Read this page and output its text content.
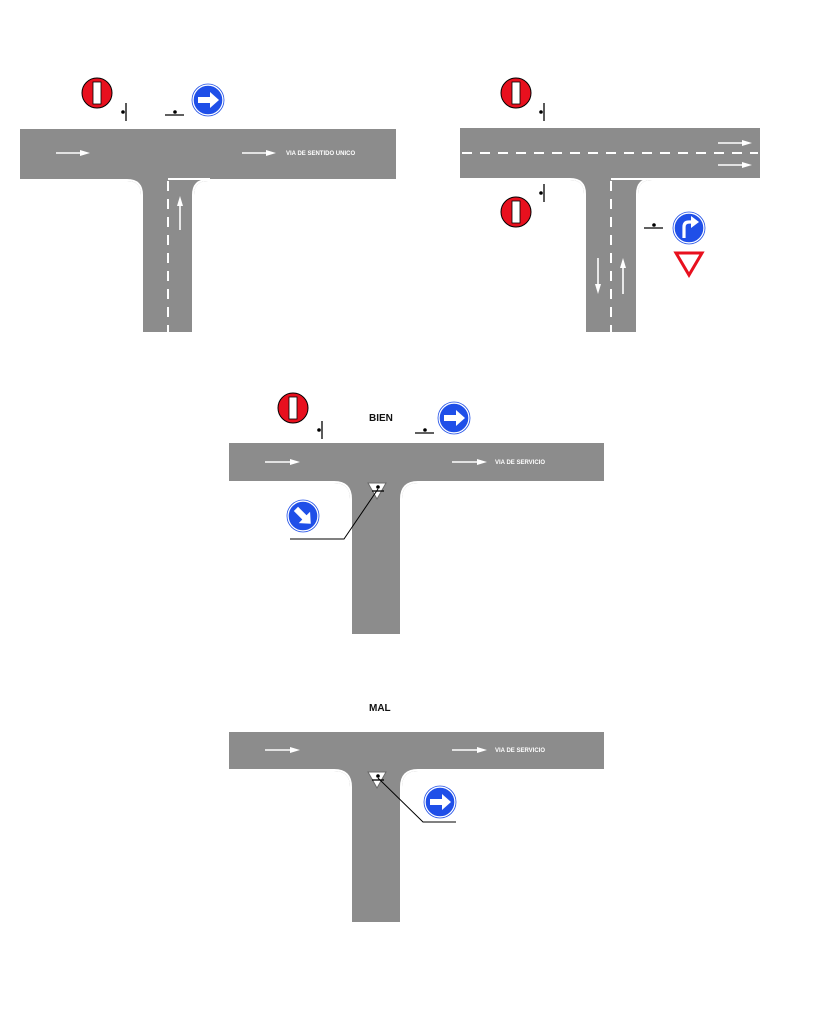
VIA DE SENTIDO UNICO
BIEN
VIA DE SERVICIO
MAL
VIA DE SERVICIO
